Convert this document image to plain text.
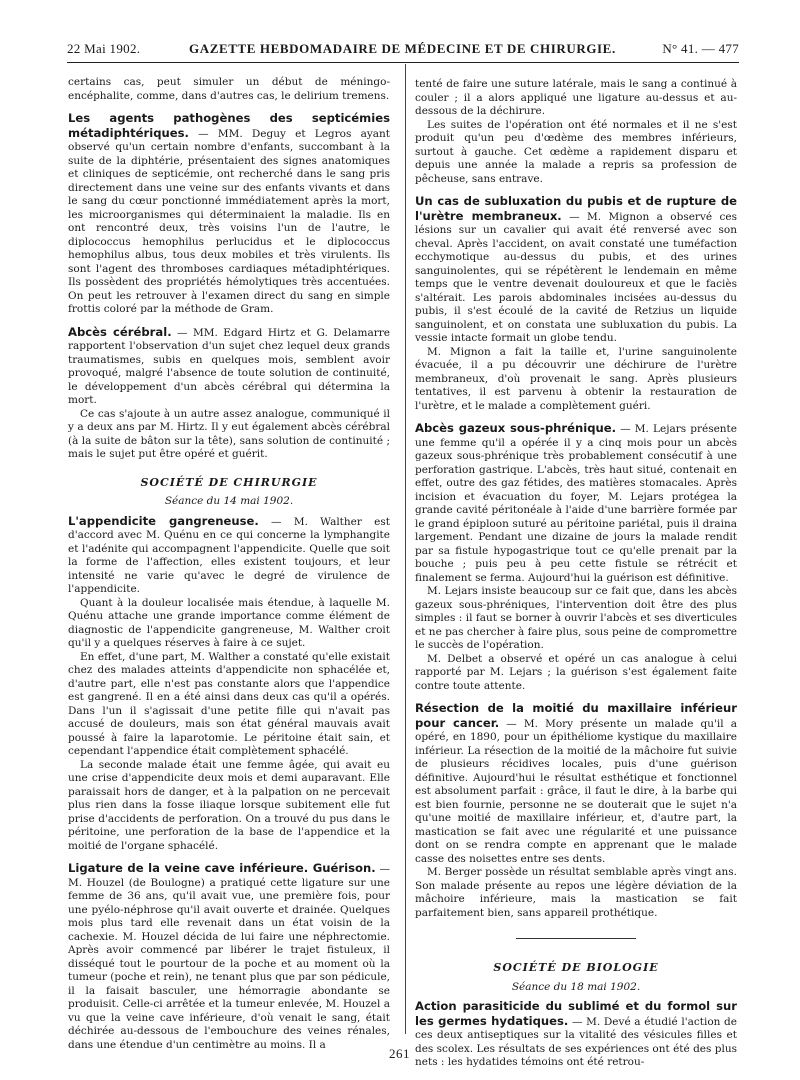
22 Mai 1902.	GAZETTE HEBDOMADAIRE DE MÉDECINE ET DE CHIRURGIE.	N° 41. — 477

certains cas, peut simuler un début de méningo-encéphalite, comme, dans d'autres cas, le delirium tremens.

Les agents pathogènes des septicémies métadiphtériques. — MM. Deguy et Legros ayant observé qu'un certain nombre d'enfants, succombant à la suite de la diphtérie, présentaient des signes anatomiques et cliniques de septicémie, ont recherché dans le sang pris directement dans une veine sur des enfants vivants et dans le sang du cœur ponctionné immédiatement après la mort, les microorganismes qui déterminaient la maladie. Ils en ont rencontré deux, très voisins l'un de l'autre, le diplococcus hemophilus perlucidus et le diplococcus hemophilus albus, tous deux mobiles et très virulents. Ils sont l'agent des thromboses cardiaques métadiphtériques. Ils possèdent des propriétés hémolytiques très accentuées. On peut les retrouver à l'examen direct du sang en simple frottis coloré par la méthode de Gram.

Abcès cérébral. — MM. Edgard Hirtz et G. Delamarre rapportent l'observation d'un sujet chez lequel deux grands traumatismes, subis en quelques mois, semblent avoir provoqué, malgré l'absence de toute solution de continuité, le développement d'un abcès cérébral qui détermina la mort.

Ce cas s'ajoute à un autre assez analogue, communiqué il y a deux ans par M. Hirtz. Il y eut également abcès cérébral (à la suite de bâton sur la tête), sans solution de continuité ; mais le sujet put être opéré et guérit.

SOCIÉTÉ DE CHIRURGIE
Séance du 14 mai 1902.

L'appendicite gangreneuse. — M. Walther est d'accord avec M. Quénu en ce qui concerne la lymphangite et l'adénite qui accompagnent l'appendicite. Quelle que soit la forme de l'affection, elles existent toujours, et leur intensité ne varie qu'avec le degré de virulence de l'appendicite.

Quant à la douleur localisée mais étendue, à laquelle M. Quénu attache une grande importance comme élément de diagnostic de l'appendicite gangreneuse, M. Walther croit qu'il y a quelques réserves à faire à ce sujet.

En effet, d'une part, M. Walther a constaté qu'elle existait chez des malades atteints d'appendicite non sphacélée et, d'autre part, elle n'est pas constante alors que l'appendice est gangrené. Il en a été ainsi dans deux cas qu'il a opérés. Dans l'un il s'agissait d'une petite fille qui n'avait pas accusé de douleurs, mais son état général mauvais avait poussé à faire la laparotomie. Le péritoine était sain, et cependant l'appendice était complètement sphacélé.

La seconde malade était une femme âgée, qui avait eu une crise d'appendicite deux mois et demi auparavant. Elle paraissait hors de danger, et à la palpation on ne percevait plus rien dans la fosse iliaque lorsque subitement elle fut prise d'accidents de perforation. On a trouvé du pus dans le péritoine, une perforation de la base de l'appendice et la moitié de l'organe sphacélé.

Ligature de la veine cave inférieure. Guérison. — M. Houzel (de Boulogne) a pratiqué cette ligature sur une femme de 36 ans, qu'il avait vue, une première fois, pour une pyélo-néphrose qu'il avait ouverte et drainée. Quelques mois plus tard elle revenait dans un état voisin de la cachexie. M. Houzel décida de lui faire une néphrectomie. Après avoir commencé par libérer le trajet fistuleux, il disséqué tout le pourtour de la poche et au moment où la tumeur (poche et rein), ne tenant plus que par son pédicule, il la faisait basculer, une hémorragie abondante se produisit. Celle-ci arrêtée et la tumeur enlevée, M. Houzel a vu que la veine cave inférieure, d'où venait le sang, était déchirée au-dessous de l'embouchure des veines rénales, dans une étendue d'un centimètre au moins. Il a

tenté de faire une suture latérale, mais le sang a continué à couler ; il a alors appliqué une ligature au-dessus et au-dessous de la déchirure.

Les suites de l'opération ont été normales et il ne s'est produit qu'un peu d'œdème des membres inférieurs, surtout à gauche. Cet œdème a rapidement disparu et depuis une année la malade a repris sa profession de pêcheuse, sans entrave.

Un cas de subluxation du pubis et de rupture de l'urètre membraneux. — M. Mignon a observé ces lésions sur un cavalier qui avait été renversé avec son cheval. Après l'accident, on avait constaté une tuméfaction ecchymotique au-dessus du pubis, et des urines sanguinolentes, qui se répétèrent le lendemain en même temps que le ventre devenait douloureux et que le faciès s'altérait. Les parois abdominales incisées au-dessus du pubis, il s'est écoulé de la cavité de Retzius un liquide sanguinolent, et on constata une subluxation du pubis. La vessie intacte formait un globe tendu.

M. Mignon a fait la taille et, l'urine sanguinolente évacuée, il a pu découvrir une déchirure de l'urètre membraneux, d'où provenait le sang. Après plusieurs tentatives, il est parvenu à obtenir la restauration de l'urètre, et le malade a complètement guéri.

Abcès gazeux sous-phrénique. — M. Lejars présente une femme qu'il a opérée il y a cinq mois pour un abcès gazeux sous-phrénique très probablement consécutif à une perforation gastrique. L'abcès, très haut situé, contenait en effet, outre des gaz fétides, des matières stomacales. Après incision et évacuation du foyer, M. Lejars protégea la grande cavité péritonéale à l'aide d'une barrière formée par le grand épiploon suturé au péritoine pariétal, puis il draina largement. Pendant une dizaine de jours la malade rendit par sa fistule hypogastrique tout ce qu'elle prenait par la bouche ; puis peu à peu cette fistule se rétrécit et finalement se ferma. Aujourd'hui la guérison est définitive.

M. Lejars insiste beaucoup sur ce fait que, dans les abcès gazeux sous-phréniques, l'intervention doit être des plus simples : il faut se borner à ouvrir l'abcès et ses diverticules et ne pas chercher à faire plus, sous peine de compromettre le succès de l'opération.

M. Delbet a observé et opéré un cas analogue à celui rapporté par M. Lejars ; la guérison s'est également faite contre toute attente.

Résection de la moitié du maxillaire inférieur pour cancer. — M. Mory présente un malade qu'il a opéré, en 1890, pour un épithéliome kystique du maxillaire inférieur. La résection de la moitié de la mâchoire fut suivie de plusieurs récidives locales, puis d'une guérison définitive. Aujourd'hui le résultat esthétique et fonctionnel est absolument parfait : grâce, il faut le dire, à la barbe qui est bien fournie, personne ne se douterait que le sujet n'a qu'une moitié de maxillaire inférieur, et, d'autre part, la mastication se fait avec une régularité et une puissance dont on se rendra compte en apprenant que le malade casse des noisettes entre ses dents.

M. Berger possède un résultat semblable après vingt ans. Son malade présente au repos une légère déviation de la mâchoire inférieure, mais la mastication se fait parfaitement bien, sans appareil prothétique.

SOCIÉTÉ DE BIOLOGIE
Séance du 18 mai 1902.

Action parasiticide du sublimé et du formol sur les germes hydatiques. — M. Devé a étudié l'action de ces deux antiseptiques sur la vitalité des vésicules filles et des scolex. Les résultats de ses expériences ont été des plus nets : les hydatides témoins ont été retrou-

261
